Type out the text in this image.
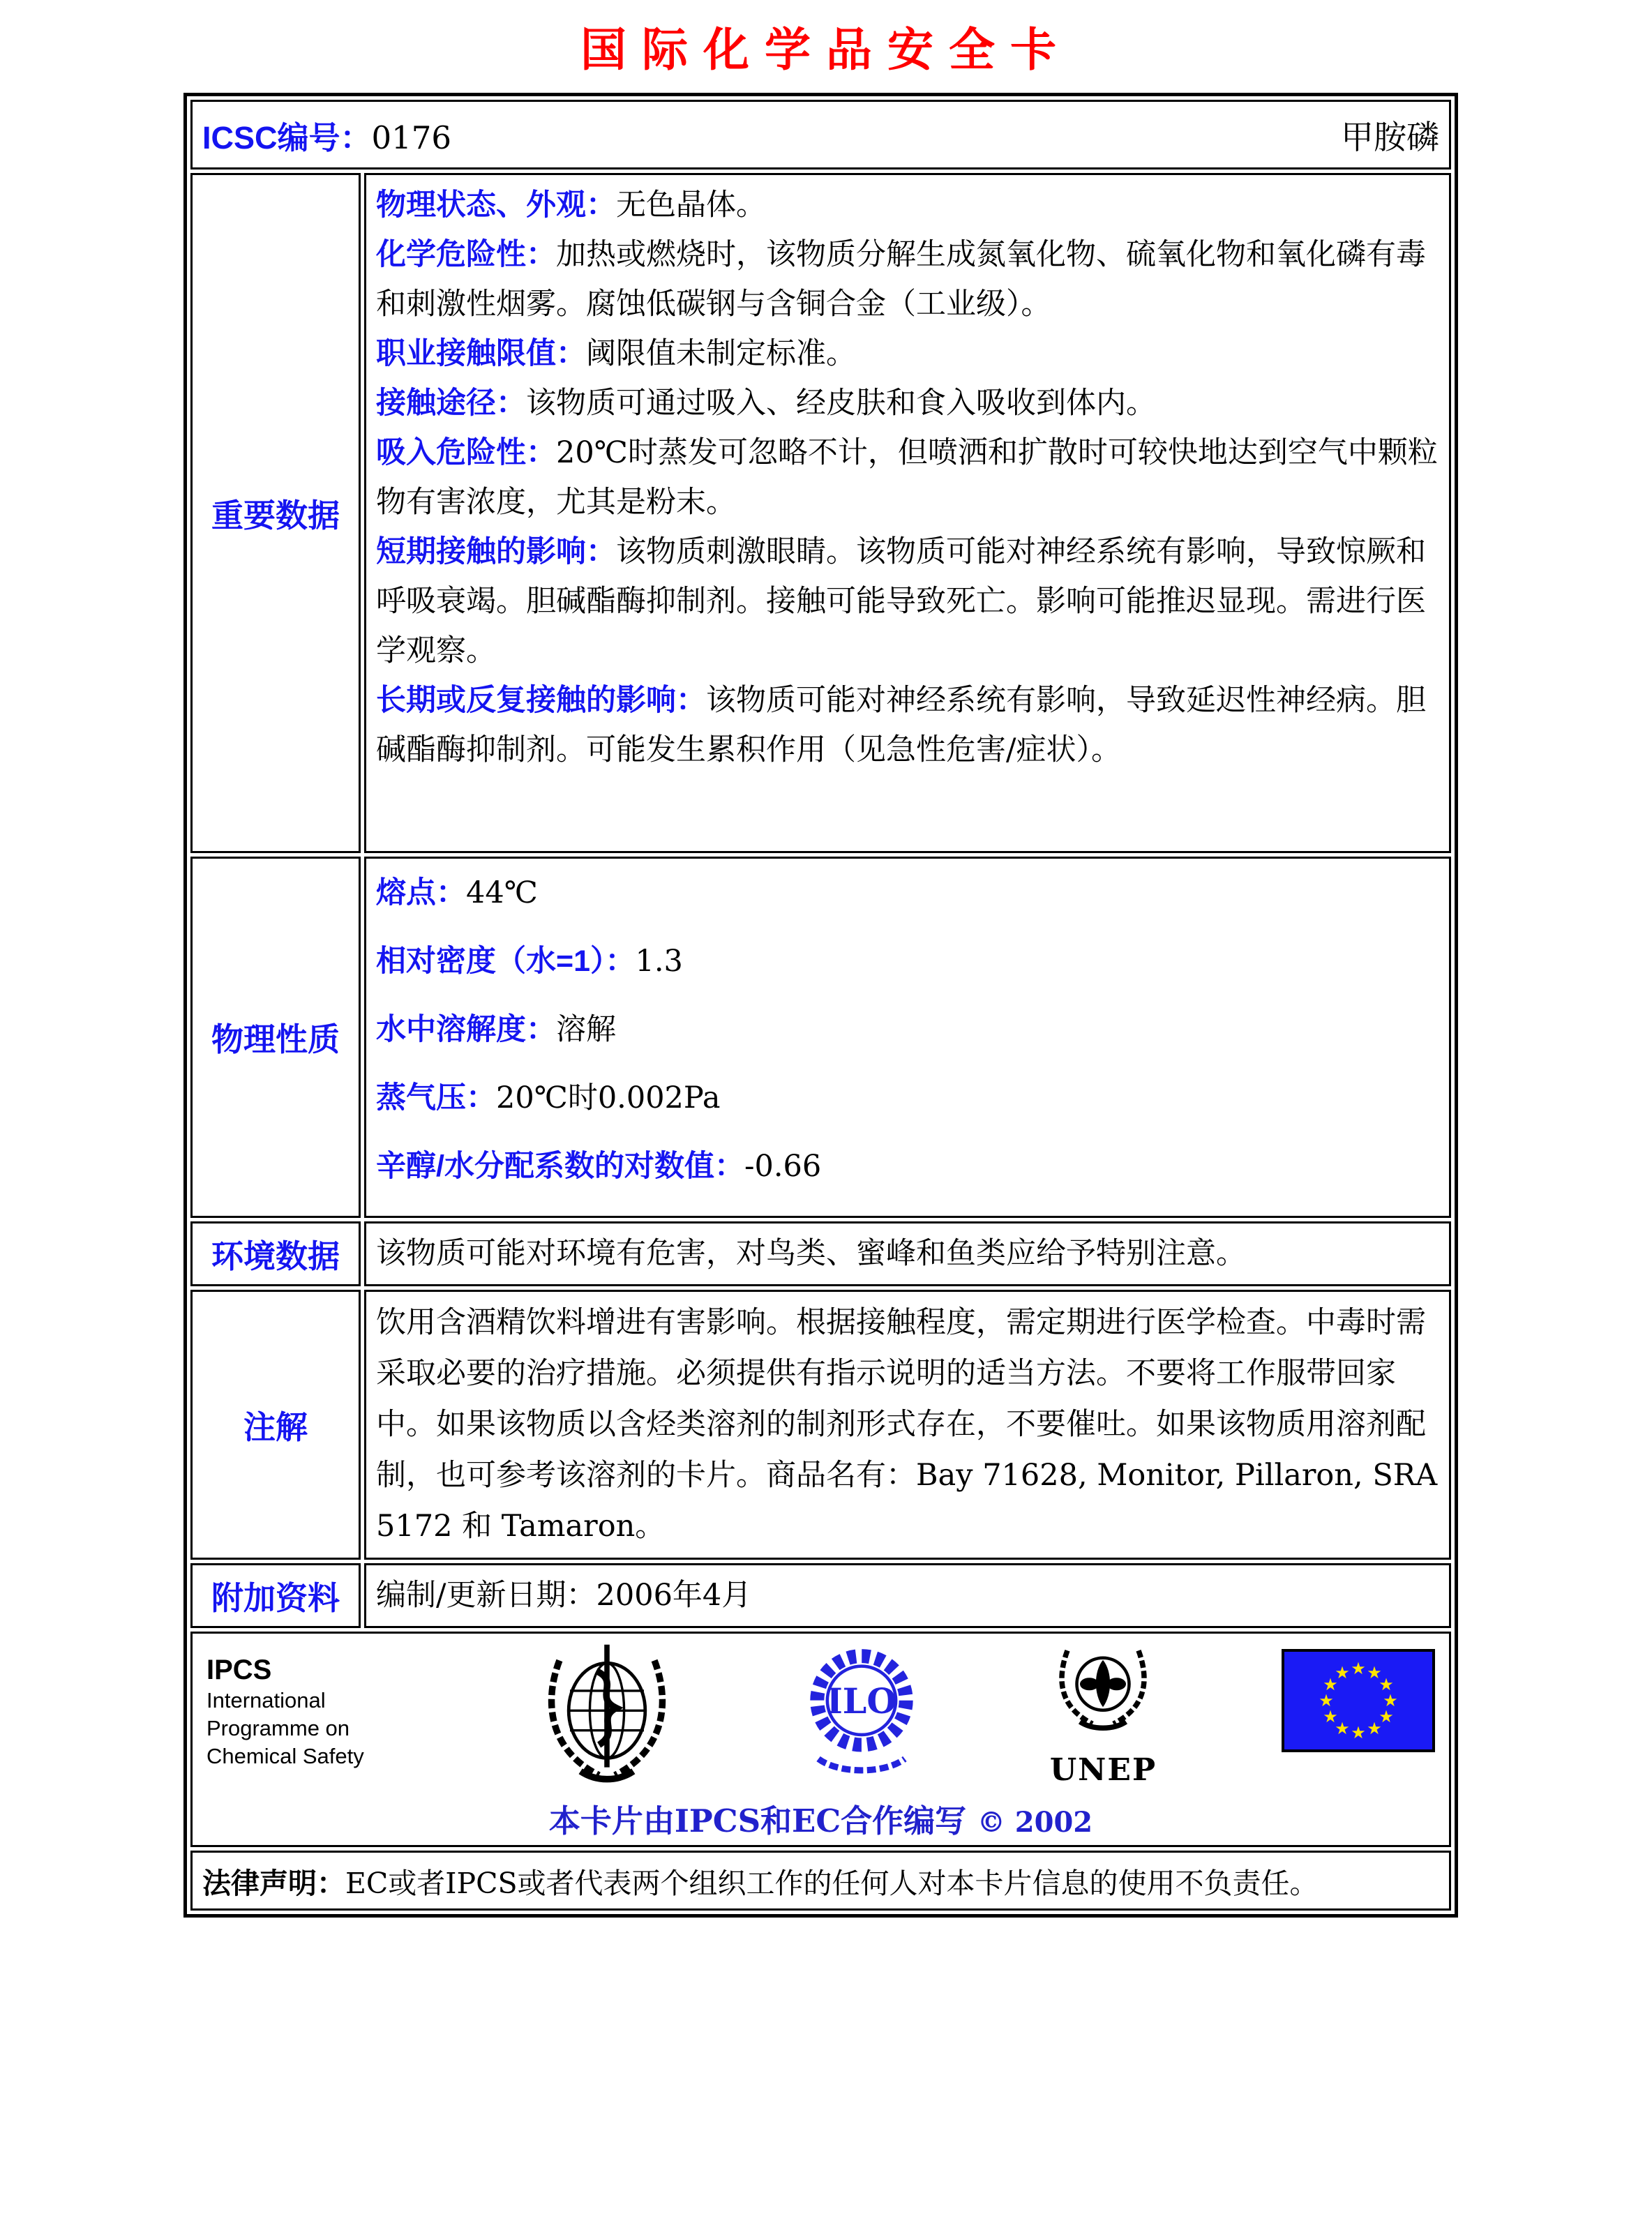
国际化学品安全卡
ICSC编号：0176 甲胺磷	

重要数据	
物理状态、外观：无色晶体。
化学危险性：加热或燃烧时，该物质分解生成氮氧化物、硫氧化物和氧化磷有毒和刺激性烟雾。腐蚀低碳钢与含铜合金（工业级）。
职业接触限值：阈限值未制定标准。
接触途径：该物质可通过吸入、经皮肤和食入吸收到体内。
吸入危险性：20℃时蒸发可忽略不计，但喷洒和扩散时可较快地达到空气中颗粒物有害浓度，尤其是粉末。
短期接触的影响：该物质刺激眼睛。该物质可能对神经系统有影响，导致惊厥和呼吸衰竭。胆碱酯酶抑制剂。接触可能导致死亡。影响可能推迟显现。需进行医学观察。
长期或反复接触的影响：该物质可能对神经系统有影响，导致延迟性神经病。胆碱酯酶抑制剂。可能发生累积作用（见急性危害/症状）。

物理性质	熔点：44℃
相对密度（水=1）：1.3
水中溶解度：溶解
蒸气压：20℃时0.002Pa
辛醇/水分配系数的对数值：-0.66

环境数据	该物质可能对环境有危害，对鸟类、蜜峰和鱼类应给予特别注意。
注解	饮用含酒精饮料增进有害影响。根据接触程度，需定期进行医学检查。中毒时需采取必要的治疗措施。必须提供有指示说明的适当方法。不要将工作服带回家中。如果该物质以含烃类溶剂的制剂形式存在，不要催吐。如果该物质用溶剂配制，也可参考该溶剂的卡片。商品名有：Bay 71628, Monitor, Pillaron, SRA 5172 和 Tamaron。
附加资料	编制/更新日期：2006年4月

IPCS
International
Programme on
Chemical Safety
ILO
UNEP
★ ★
★
★
★
★
★
★
★
★
★
★
本卡片由IPCS和EC合作编写 © 2002

法律声明：EC或者IPCS或者代表两个组织工作的任何人对本卡片信息的使用不负责任。	
